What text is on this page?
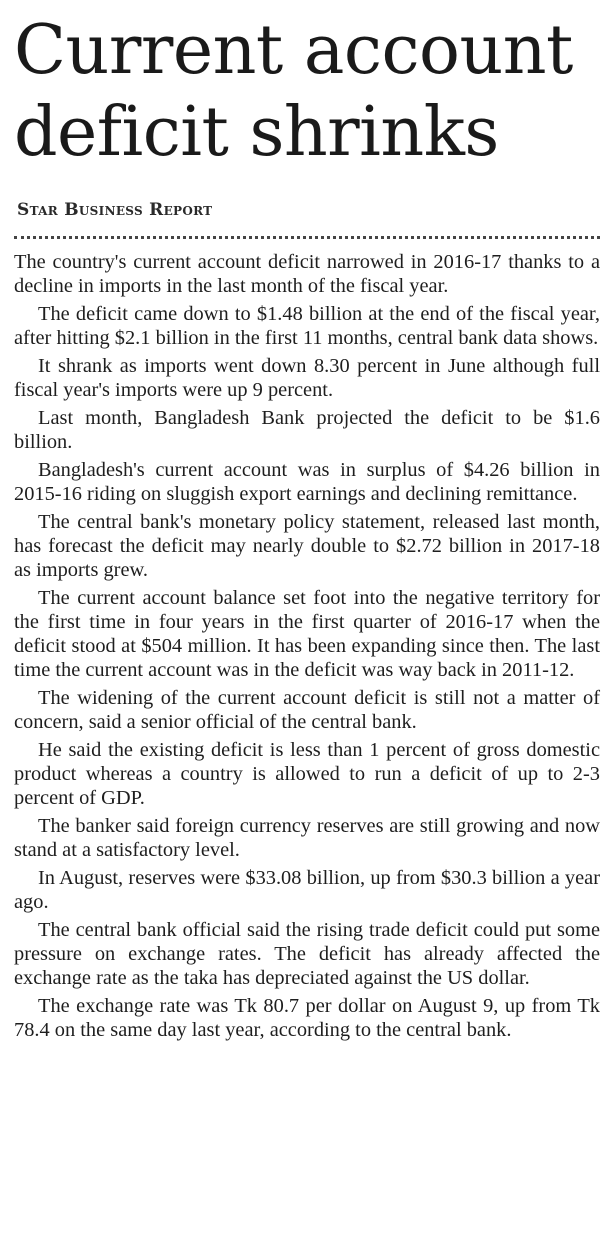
Current account
deficit shrinks
Star Business Report

The country's current account deficit narrowed in 2016-17 thanks to a decline in imports in the last month of the fiscal year.

The deficit came down to $1.48 billion at the end of the fiscal year, after hitting $2.1 billion in the first 11 months, central bank data shows.

It shrank as imports went down 8.30 percent in June although full fiscal year's imports were up 9 percent.

Last month, Bangladesh Bank projected the deficit to be $1.6 billion.

Bangladesh's current account was in surplus of $4.26 billion in 2015-16 riding on sluggish export earnings and declining remittance.

The central bank's monetary policy statement, released last month, has forecast the deficit may nearly double to $2.72 billion in 2017-18 as imports grew.

The current account balance set foot into the negative territory for the first time in four years in the first quarter of 2016-17 when the deficit stood at $504 million. It has been expanding since then. The last time the current account was in the deficit was way back in 2011-12.

The widening of the current account deficit is still not a matter of concern, said a senior official of the central bank.

He said the existing deficit is less than 1 percent of gross domestic product whereas a country is allowed to run a deficit of up to 2-3 percent of GDP.

The banker said foreign currency reserves are still growing and now stand at a satisfactory level.

In August, reserves were $33.08 billion, up from $30.3 billion a year ago.

The central bank official said the rising trade deficit could put some pressure on exchange rates. The deficit has already affected the exchange rate as the taka has depreciated against the US dollar.

The exchange rate was Tk 80.7 per dollar on August 9, up from Tk 78.4 on the same day last year, according to the central bank.
